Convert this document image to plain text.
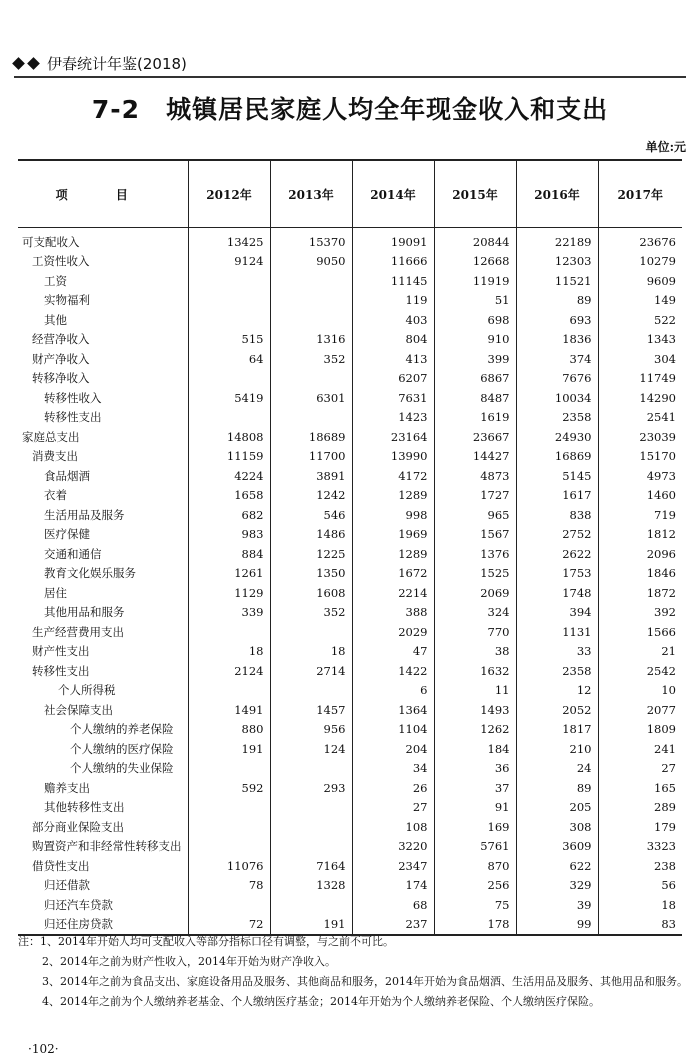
伊春统计年鉴(2018)
7-2 城镇居民家庭人均全年现金收入和支出
单位:元
项 目	2012年	2013年	2014年	2015年	2016年	2017年
可支配收入	13425	15370	19091	20844	22189	23676
工资性收入	9124	9050	11666	12668	12303	10279
工资			11145	11919	11521	9609
实物福利			119	51	89	149
其他			403	698	693	522
经营净收入	515	1316	804	910	1836	1343
财产净收入	64	352	413	399	374	304
转移净收入			6207	6867	7676	11749
转移性收入	5419	6301	7631	8487	10034	14290
转移性支出			1423	1619	2358	2541
家庭总支出	14808	18689	23164	23667	24930	23039
消费支出	11159	11700	13990	14427	16869	15170
食品烟酒	4224	3891	4172	4873	5145	4973
衣着	1658	1242	1289	1727	1617	1460
生活用品及服务	682	546	998	965	838	719
医疗保健	983	1486	1969	1567	2752	1812
交通和通信	884	1225	1289	1376	2622	2096
教育文化娱乐服务	1261	1350	1672	1525	1753	1846
居住	1129	1608	2214	2069	1748	1872
其他用品和服务	339	352	388	324	394	392
生产经营费用支出			2029	770	1131	1566
财产性支出	18	18	47	38	33	21
转移性支出	2124	2714	1422	1632	2358	2542
个人所得税			6	11	12	10
社会保障支出	1491	1457	1364	1493	2052	2077
个人缴纳的养老保险	880	956	1104	1262	1817	1809
个人缴纳的医疗保险	191	124	204	184	210	241
个人缴纳的失业保险			34	36	24	27
赡养支出	592	293	26	37	89	165
其他转移性支出			27	91	205	289
部分商业保险支出			108	169	308	179
购置资产和非经常性转移支出			3220	5761	3609	3323
借贷性支出	11076	7164	2347	870	622	238
归还借款	78	1328	174	256	329	56
归还汽车贷款			68	75	39	18
归还住房贷款	72	191	237	178	99	83
注：1、2014年开始人均可支配收入等部分指标口径有调整，与之前不可比。
2、2014年之前为财产性收入，2014年开始为财产净收入。
3、2014年之前为食品支出、家庭设备用品及服务、其他商品和服务，2014年开始为食品烟酒、生活用品及服务、其他用品和服务。
4、2014年之前为个人缴纳养老基金、个人缴纳医疗基金；2014年开始为个人缴纳养老保险、个人缴纳医疗保险。
·102·
